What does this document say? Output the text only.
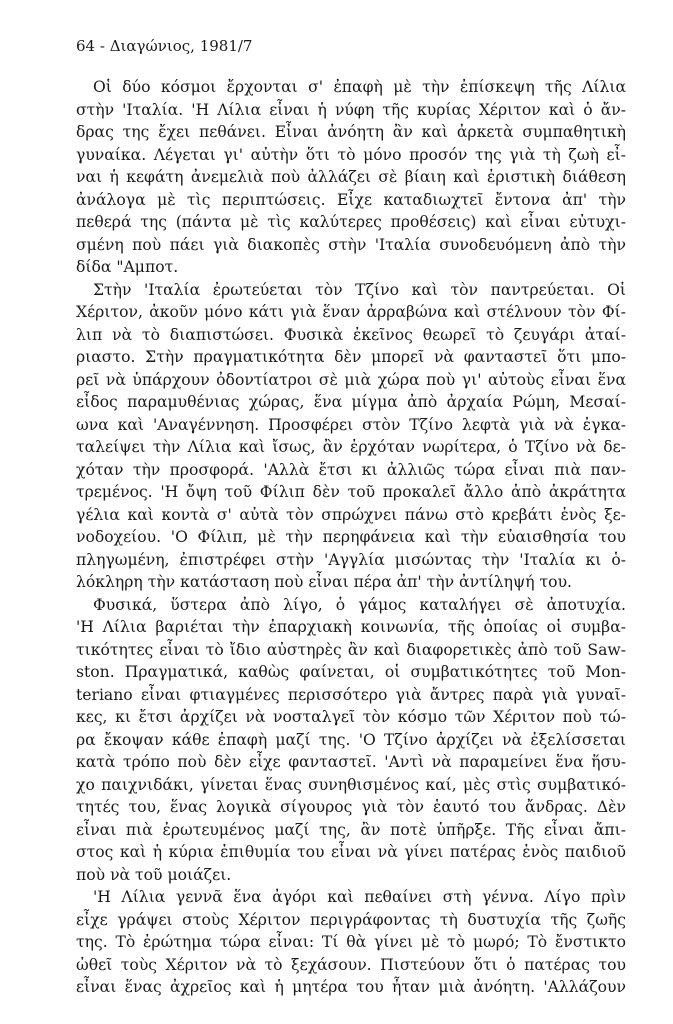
64 - Διαγώνιος, 1981/7

Οἱ δύο κόσμοι ἔρχονται σ' ἐπαφὴ μὲ τὴν ἐπίσκεψη τῆς Λίλια
στὴν 'Ιταλία. 'Η Λίλια εἶναι ἡ νύφη τῆς κυρίας Χέριτον καὶ ὁ ἄν-
δρας της ἔχει πεθάνει. Εἶναι ἀνόητη ἂν καὶ ἀρκετὰ συμπαθητικὴ
γυναίκα. Λέγεται γι' αὐτὴν ὅτι τὸ μόνο προσόν της γιὰ τὴ ζωὴ εἶ-
ναι ἡ κεφάτη ἀνεμελιὰ ποὺ ἀλλάζει σὲ βίαιη καὶ ἐριστικὴ διάθεση
ἀνάλογα μὲ τὶς περιπτώσεις. Εἶχε καταδιωχτεῖ ἔντονα ἀπ' τὴν
πεθερά της (πάντα μὲ τὶς καλύτερες προθέσεις) καὶ εἶναι εὐτυχι-
σμένη ποὺ πάει γιὰ διακοπὲς στὴν 'Ιταλία συνοδευόμενη ἀπὸ τὴν
δίδα "Αμποτ.

Στὴν 'Ιταλία ἐρωτεύεται τὸν Τζίνο καὶ τὸν παντρεύεται. Οἱ
Χέριτον, ἀκοῦν μόνο κάτι γιὰ ἕναν ἀρραβώνα καὶ στέλνουν τὸν Φί-
λιπ νὰ τὸ διαπιστώσει. Φυσικὰ ἐκεῖνος θεωρεῖ τὸ ζευγάρι ἀταί-
ριαστο. Στὴν πραγματικότητα δὲν μπορεῖ νὰ φανταστεῖ ὅτι μπο-
ρεῖ νὰ ὑπάρχουν ὀδοντίατροι σὲ μιὰ χώρα ποὺ γι' αὐτοὺς εἶναι ἕνα
εἶδος παραμυθένιας χώρας, ἕνα μίγμα ἀπὸ ἀρχαία Ρώμη, Μεσαί-
ωνα καὶ 'Αναγέννηση. Προσφέρει στὸν Τζίνο λεφτὰ γιὰ νὰ ἐγκα-
ταλείψει τὴν Λίλια καὶ ἴσως, ἂν ἐρχόταν νωρίτερα, ὁ Τζίνο νὰ δε-
χόταν τὴν προσφορά. 'Αλλὰ ἔτσι κι ἀλλιῶς τώρα εἶναι πιὰ παν-
τρεμένος. 'Η ὄψη τοῦ Φίλιπ δὲν τοῦ προκαλεῖ ἄλλο ἀπὸ ἀκράτητα
γέλια καὶ κοντὰ σ' αὐτὰ τὸν σπρώχνει πάνω στὸ κρεβάτι ἑνὸς ξε-
νοδοχείου. 'Ο Φίλιπ, μὲ τὴν περηφάνεια καὶ τὴν εὐαισθησία του
πληγωμένη, ἐπιστρέφει στὴν 'Αγγλία μισώντας τὴν 'Ιταλία κι ὁ-
λόκληρη τὴν κατάσταση ποὺ εἶναι πέρα ἀπ' τὴν ἀντίληψή του.

Φυσικά, ὕστερα ἀπὸ λίγο, ὁ γάμος καταλήγει σὲ ἀποτυχία.
'Η Λίλια βαριέται τὴν ἐπαρχιακὴ κοινωνία, τῆς ὁποίας οἱ συμβα-
τικότητες εἶναι τὸ ἴδιο αὐστηρὲς ἂν καὶ διαφορετικὲς ἀπὸ τοῦ Saw-
ston. Πραγματικά, καθὼς φαίνεται, οἱ συμβατικότητες τοῦ Mon-
teriano εἶναι φτιαγμένες περισσότερο γιὰ ἄντρες παρὰ γιὰ γυναῖ-
κες, κι ἔτσι ἀρχίζει νὰ νοσταλγεῖ τὸν κόσμο τῶν Χέριτον ποὺ τώ-
ρα ἔκοψαν κάθε ἐπαφὴ μαζί της. 'Ο Τζίνο ἀρχίζει νὰ ἐξελίσσεται
κατὰ τρόπο ποὺ δὲν εἶχε φανταστεῖ. 'Αντὶ νὰ παραμείνει ἕνα ἥσυ-
χο παιχνιδάκι, γίνεται ἕνας συνηθισμένος καί, μὲς στὶς συμβατικό-
τητές του, ἕνας λογικὰ σίγουρος γιὰ τὸν ἑαυτό του ἄνδρας. Δὲν
εἶναι πιὰ ἐρωτευμένος μαζί της, ἂν ποτὲ ὑπῆρξε. Τῆς εἶναι ἄπι-
στος καὶ ἡ κύρια ἐπιθυμία του εἶναι νὰ γίνει πατέρας ἑνὸς παιδιοῦ
ποὺ νὰ τοῦ μοιάζει.

'Η Λίλια γεννᾶ ἕνα ἀγόρι καὶ πεθαίνει στὴ γέννα. Λίγο πρὶν
εἶχε γράψει στοὺς Χέριτον περιγράφοντας τὴ δυστυχία τῆς ζωῆς
της. Τὸ ἐρώτημα τώρα εἶναι: Τί θὰ γίνει μὲ τὸ μωρό; Τὸ ἔνστικτο
ὠθεῖ τοὺς Χέριτον νὰ τὸ ξεχάσουν. Πιστεύουν ὅτι ὁ πατέρας του
εἶναι ἕνας ἀχρεῖος καὶ ἡ μητέρα του ἦταν μιὰ ἀνόητη. 'Αλλάζουν
